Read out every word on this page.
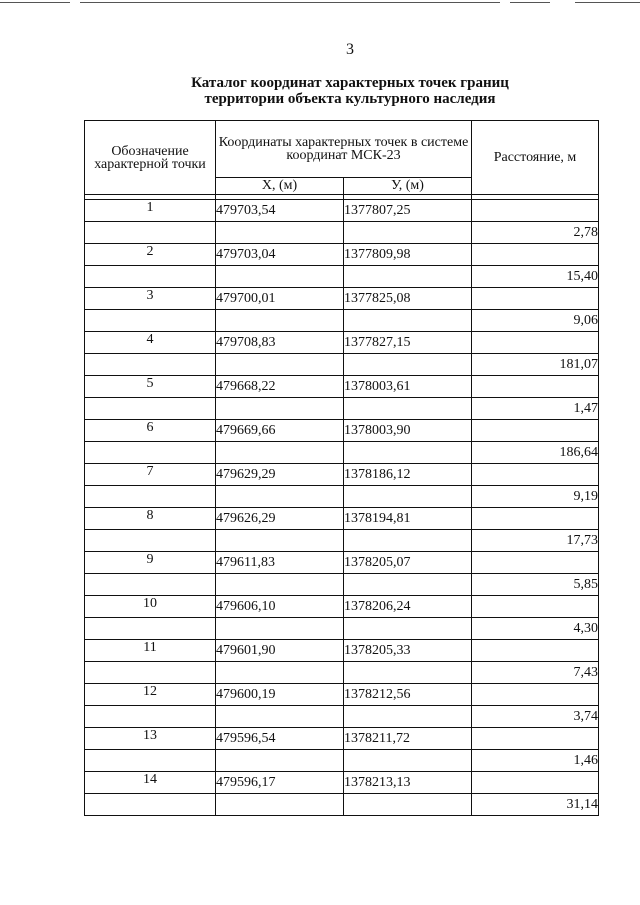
3
Каталог координат характерных точек границ
территории объекта культурного наследия
Обозначение характерной точки	Координаты характерных точек в системе координат МСК-23		Расстояние, м
	Х, (м)	У, (м)	

1	479703,54	1377807,25	
			2,78
2	479703,04	1377809,98	
			15,40
3	479700,01	1377825,08	
			9,06
4	479708,83	1377827,15	
			181,07
5	479668,22	1378003,61	
			1,47
6	479669,66	1378003,90	
			186,64
7	479629,29	1378186,12	
			9,19
8	479626,29	1378194,81	
			17,73
9	479611,83	1378205,07	
			5,85
10	479606,10	1378206,24	
			4,30
11	479601,90	1378205,33	
			7,43
12	479600,19	1378212,56	
			3,74
13	479596,54	1378211,72	
			1,46
14	479596,17	1378213,13	
			31,14
